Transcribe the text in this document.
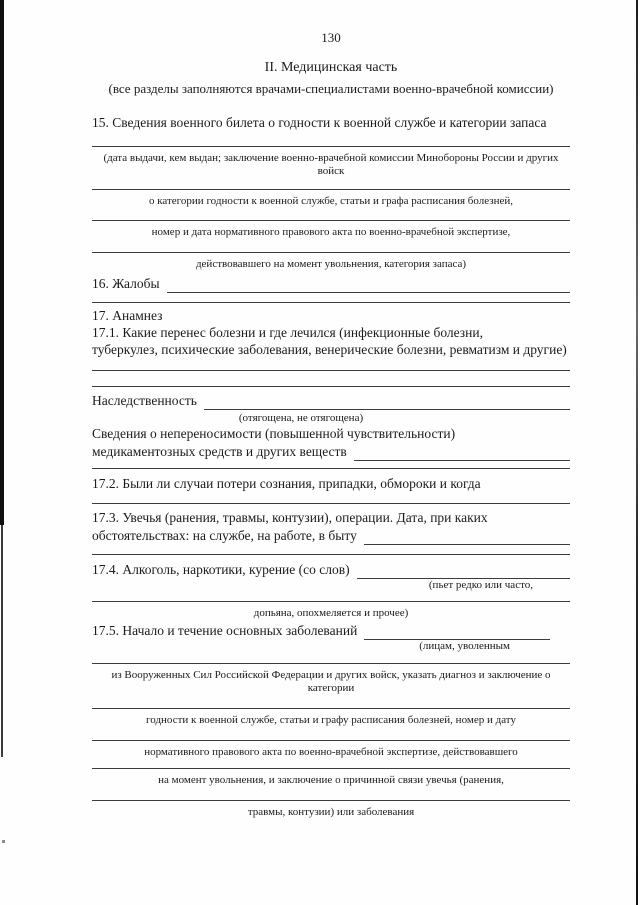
130
II. Медицинская часть
(все разделы заполняются врачами-специалистами военно-врачебной комиссии)
15. Сведения военного билета о годности к военной службе и категории запаса
(дата выдачи, кем выдан; заключение военно-врачебной комиссии Минобороны России и других войск
о категории годности к военной службе, статьи и графа расписания болезней,
номер и дата нормативного правового акта по военно-врачебной экспертизе,
действовавшего на момент увольнения, категория запаса)
16. Жалобы
17. Анамнез
17.1. Какие перенес болезни и где лечился (инфекционные болезни,
туберкулез, психические заболевания, венерические болезни, ревматизм и другие)
Наследственность
(отягощена, не отягощена)
Сведения о непереносимости (повышенной чувствительности)
медикаментозных средств и других веществ
17.2. Были ли случаи потери сознания, припадки, обмороки и когда
17.3. Увечья (ранения, травмы, контузии), операции. Дата, при каких
обстоятельствах: на службе, на работе, в быту
17.4. Алкоголь, наркотики, курение (со слов)
(пьет редко или часто,
допьяна, опохмеляется и прочее)
17.5. Начало и течение основных заболеваний
(лицам, уволенным
из Вооруженных Сил Российской Федерации и других войск, указать диагноз и заключение о категории
годности к военной службе, статьи и графу расписания болезней, номер и дату
нормативного правового акта по военно-врачебной экспертизе, действовавшего
на момент увольнения, и заключение о причинной связи увечья (ранения,
травмы, контузии) или заболевания
